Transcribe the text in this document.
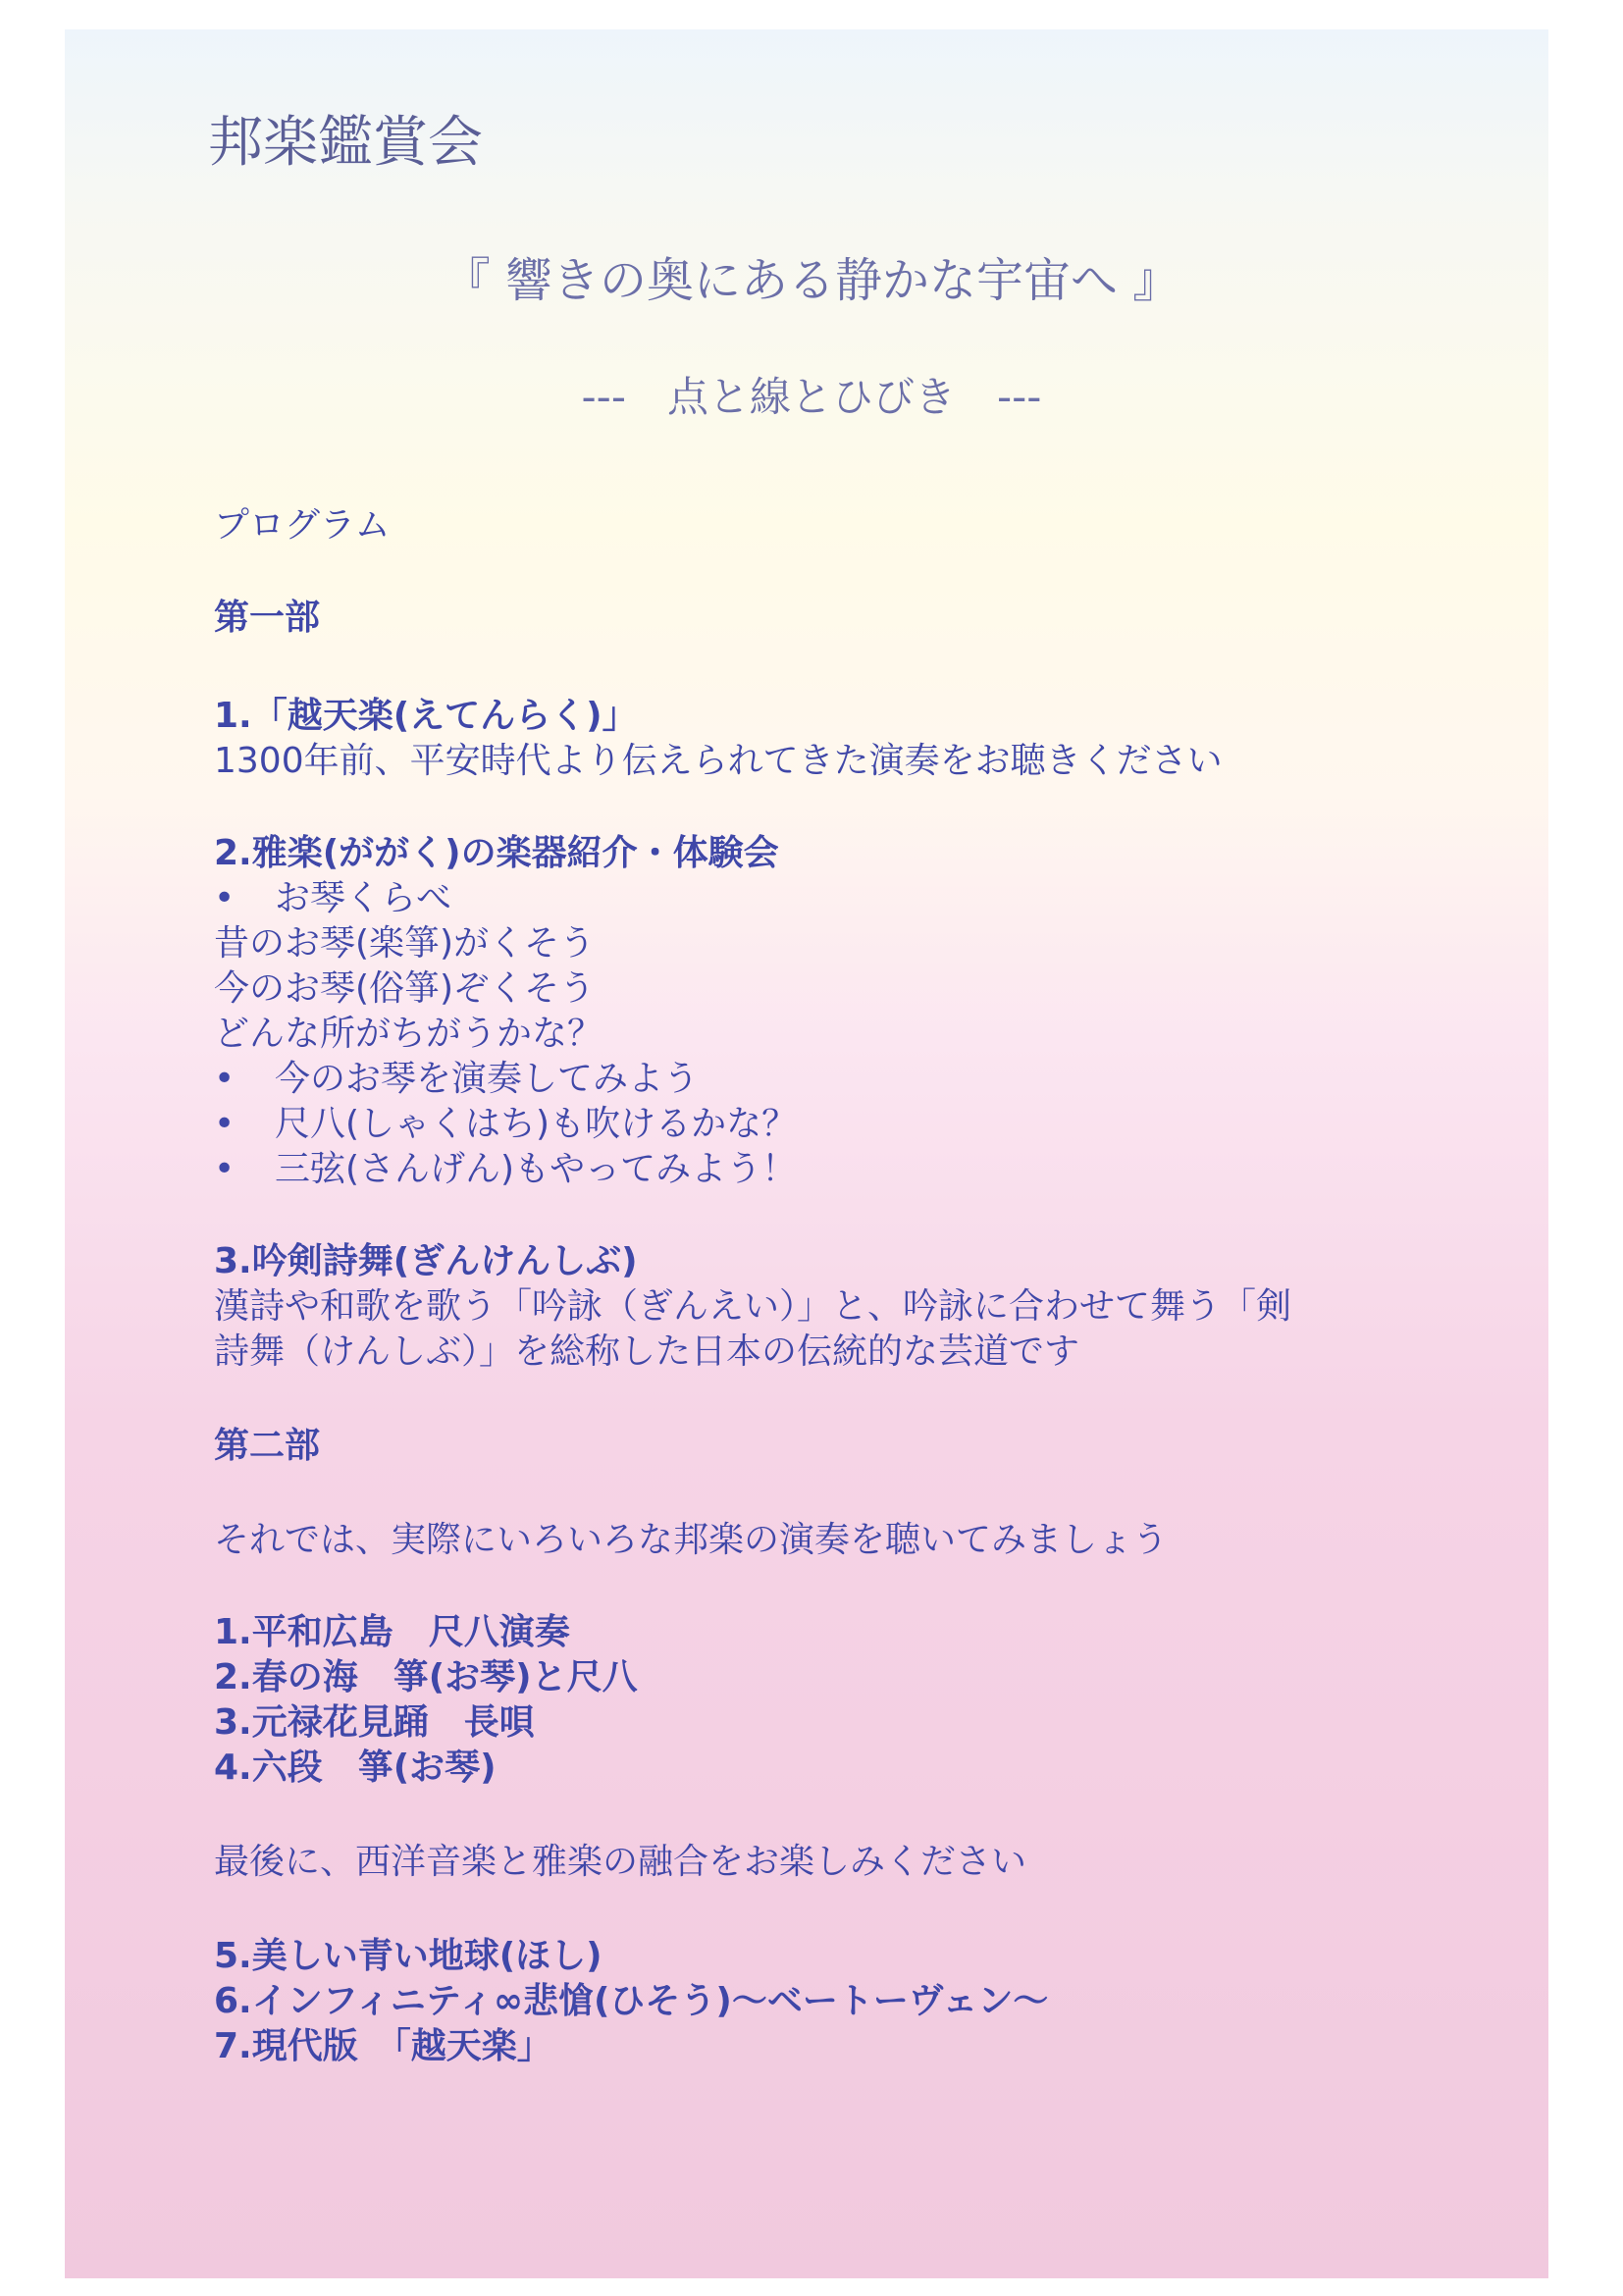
邦楽鑑賞会
『 響きの奥にある静かな宇宙へ 』
---　点と線とひびき　---
プログラム
第一部
1.「越天楽(えてんらく)」
1300年前、平安時代より伝えられてきた演奏をお聴きください
2.雅楽(ががく)の楽器紹介・体験会
• お琴くらべ
昔のお琴(楽箏)がくそう
今のお琴(俗箏)ぞくそう
どんな所がちがうかな？
• 今のお琴を演奏してみよう
• 尺八(しゃくはち)も吹けるかな？
• 三弦(さんげん)もやってみよう！
3.吟剣詩舞(ぎんけんしぶ)
漢詩や和歌を歌う「吟詠（ぎんえい）」と、吟詠に合わせて舞う「剣
詩舞（けんしぶ）」を総称した日本の伝統的な芸道です
第二部
それでは、実際にいろいろな邦楽の演奏を聴いてみましょう
1.平和広島　尺八演奏
2.春の海　箏(お琴)と尺八
3.元禄花見踊　長唄
4.六段　箏(お琴)
最後に、西洋音楽と雅楽の融合をお楽しみください
5.美しい青い地球(ほし)
6.インフィニティ∞悲愴(ひそう)～ベートーヴェン～
7.現代版　「越天楽」
